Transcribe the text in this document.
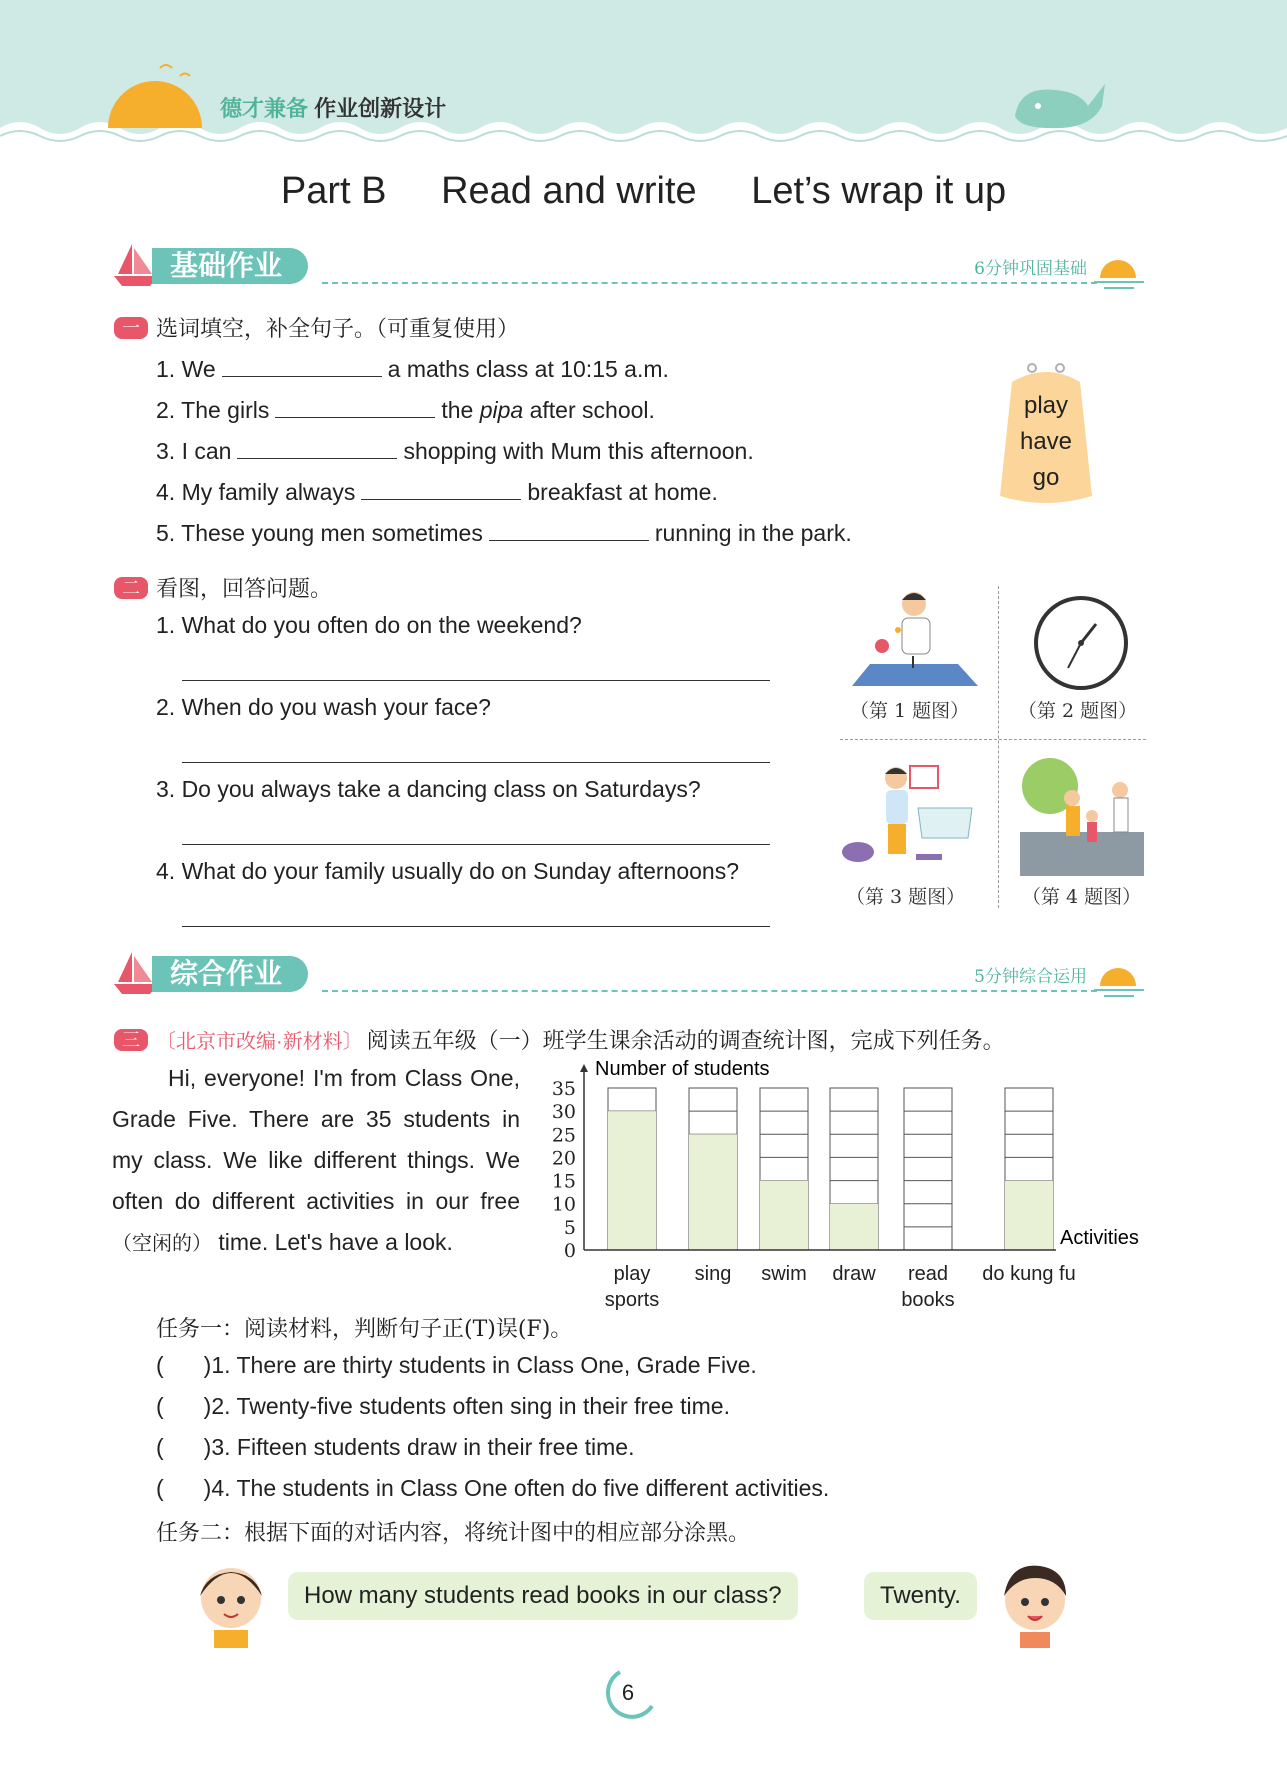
德才兼备 作业创新设计
Part B Read and write Let’s wrap it up
基础作业	6分钟巩固基础
一 选词填空，补全句子。（可重复使用）
1. We	a maths class at 10:15 a.m.
2. The girls	the pipa after school.
3. I can	shopping with Mum this afternoon.
4. My family always	breakfast at home.
5. These young men sometimes	running in the park.
play
have
go
二 看图，回答问题。
1. What do you often do on the weekend?
2. When do you wash your face?
3. Do you always take a dancing class on Saturdays?
4. What do your family usually do on Sunday afternoons?
（第 1 题图）	（第 2 题图）
（第 3 题图）	（第 4 题图）
综合作业	5分钟综合运用
三 〔北京市改编·新材料〕 阅读五年级（一）班学生课余活动的调查统计图，完成下列任务。
Hi, everyone! I'm from Class One, Grade Five. There are 35 students in my class. We like different things. We often do different activities in our free（空闲的） time. Let's have a look.	0
5
10
15
20
25
30
35
play
sports
sing swim draw read
books
do kung fu
Number of students
Activities
任务一：阅读材料，判断句子正(T)误(F)。
( )1. There are thirty students in Class One, Grade Five.
( )2. Twenty-five students often sing in their free time.
( )3. Fifteen students draw in their free time.
( )4. The students in Class One often do five different activities.
任务二：根据下面的对话内容，将统计图中的相应部分涂黑。
How many students read books in our class?	Twenty.
6
